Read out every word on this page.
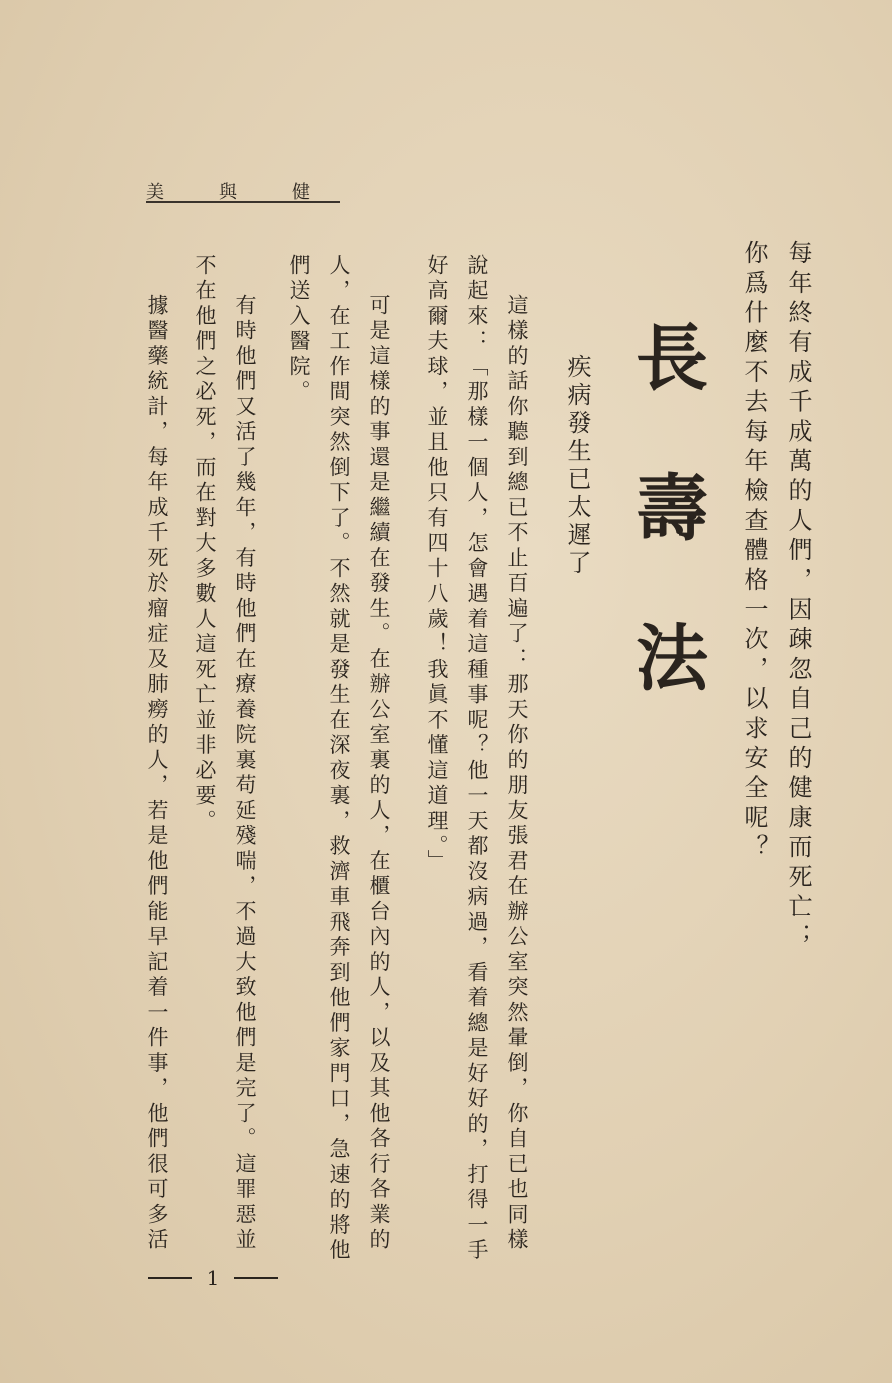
美	與	健
每年終有成千成萬的人們，因疎忽自己的健康而死亡；
你爲什麼不去每年檢查體格一次，以求安全呢？
長壽法
疾病發生已太遲了
這樣的話你聽到總已不止百遍了：那天你的朋友張君在辦公室突然暈倒，你自已也同樣
說起來：「那樣一個人，怎會遇着這種事呢？他一天都沒病過，看着總是好好的，打得一手
好高爾夫球，並且他只有四十八歲！我眞不懂這道理。」
可是這樣的事還是繼續在發生。在辦公室裏的人，在櫃台內的人，以及其他各行各業的
人，在工作間突然倒下了。不然就是發生在深夜裏，救濟車飛奔到他們家門口，急速的將他
們送入醫院。
有時他們又活了幾年，有時他們在療養院裏苟延殘喘，不過大致他們是完了。這罪惡並
不在他們之必死，而在對大多數人這死亡並非必要。
據醫藥統計，每年成千死於瘤症及肺癆的人，若是他們能早記着一件事，他們很可多活
1
